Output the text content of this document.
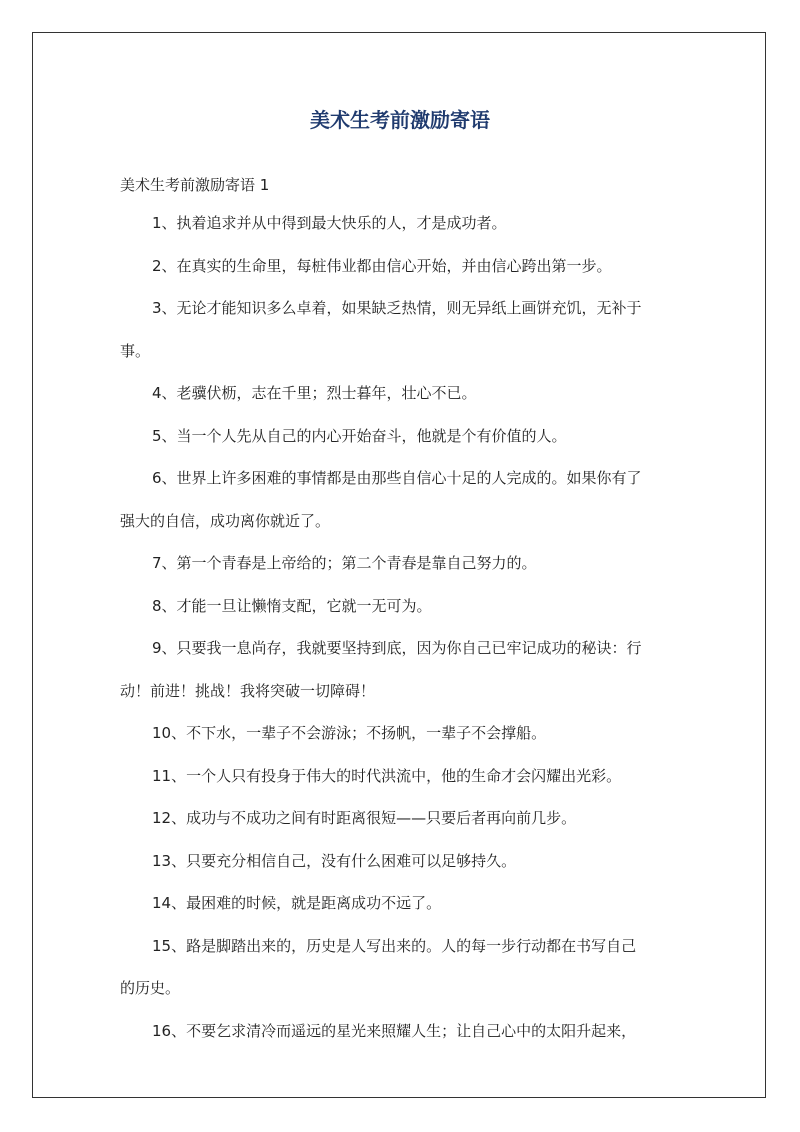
美术生考前激励寄语

美术生考前激励寄语 1

1、执着追求并从中得到最大快乐的人，才是成功者。

2、在真实的生命里，每桩伟业都由信心开始，并由信心跨出第一步。

3、无论才能知识多么卓着，如果缺乏热情，则无异纸上画饼充饥，无补于

事。

4、老骥伏枥，志在千里；烈士暮年，壮心不已。

5、当一个人先从自己的内心开始奋斗，他就是个有价值的人。

6、世界上许多困难的事情都是由那些自信心十足的人完成的。如果你有了

强大的自信，成功离你就近了。

7、第一个青春是上帝给的；第二个青春是靠自己努力的。

8、才能一旦让懒惰支配，它就一无可为。

9、只要我一息尚存，我就要坚持到底，因为你自己已牢记成功的秘诀：行

动！前进！挑战！我将突破一切障碍！

10、不下水，一辈子不会游泳；不扬帆，一辈子不会撑船。

11、一个人只有投身于伟大的时代洪流中，他的生命才会闪耀出光彩。

12、成功与不成功之间有时距离很短——只要后者再向前几步。

13、只要充分相信自己，没有什么困难可以足够持久。

14、最困难的时候，就是距离成功不远了。

15、路是脚踏出来的，历史是人写出来的。人的每一步行动都在书写自己

的历史。

16、不要乞求清冷而遥远的星光来照耀人生；让自己心中的太阳升起来，
